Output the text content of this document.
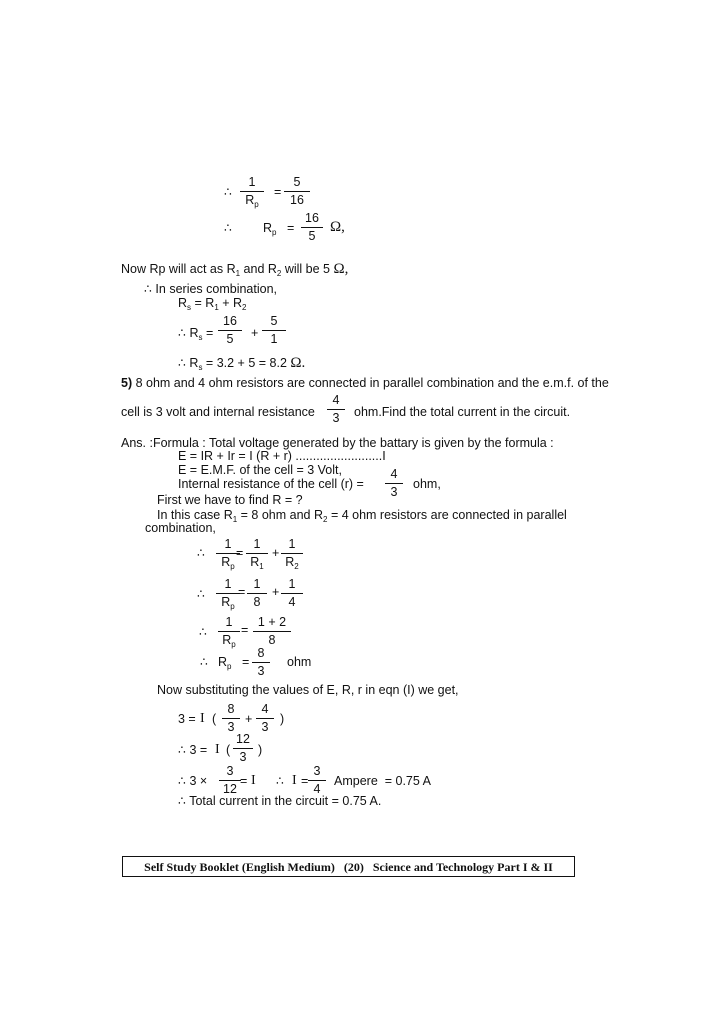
∴
1
$R_p$
=
5
16
∴ $R_p$ =
16
5
Ω,
Now Rp will act as $R_1$ and $R_2$ will be 5 Ω,
∴ In series combination,
$R_s = R_1 + R_2$
∴ $R_s$ =
16
5	+
5
1
∴ $R_s = 3.2 + 5 = 8.2$ Ω.
5) 8 ohm and 4 ohm resistors are connected in parallel combination and the e.m.f. of the
cell is 3 volt and internal resistance
4
3	ohm.Find the total current in the circuit.
Ans. :Formula : Total voltage generated by the battary is given by the formula :
E = IR + Ir = I (R + r) .........................I
E = E.M.F. of the cell = 3 Volt,
Internal resistance of the cell (r) =
4
3
ohm,
First we have to find R = ?
In this case $R_1 = 8$ ohm and $R_2 = 4$ ohm resistors are connected in parallel
combination,
∴
1
$R_p$
=
1
$R_1$
+
1
$R_2$
∴
1
$R_p$
=
1
8
+
1
4
∴
1
$R_p$
=
1 + 2
8
∴ $R_p$ =
8
3
ohm
Now substituting the values of E, R, r in eqn (I) we get,
3 = I (
8
3
+
4
3
)
∴ 3 = I (
12
3 )
∴ 3 ×
3
12
= I ∴ I =
3
4
Ampere  = 0.75 A
∴ Total current in the circuit = 0.75 A.
Self Study Booklet (English Medium)   (20)   Science and Technology Part I & II
